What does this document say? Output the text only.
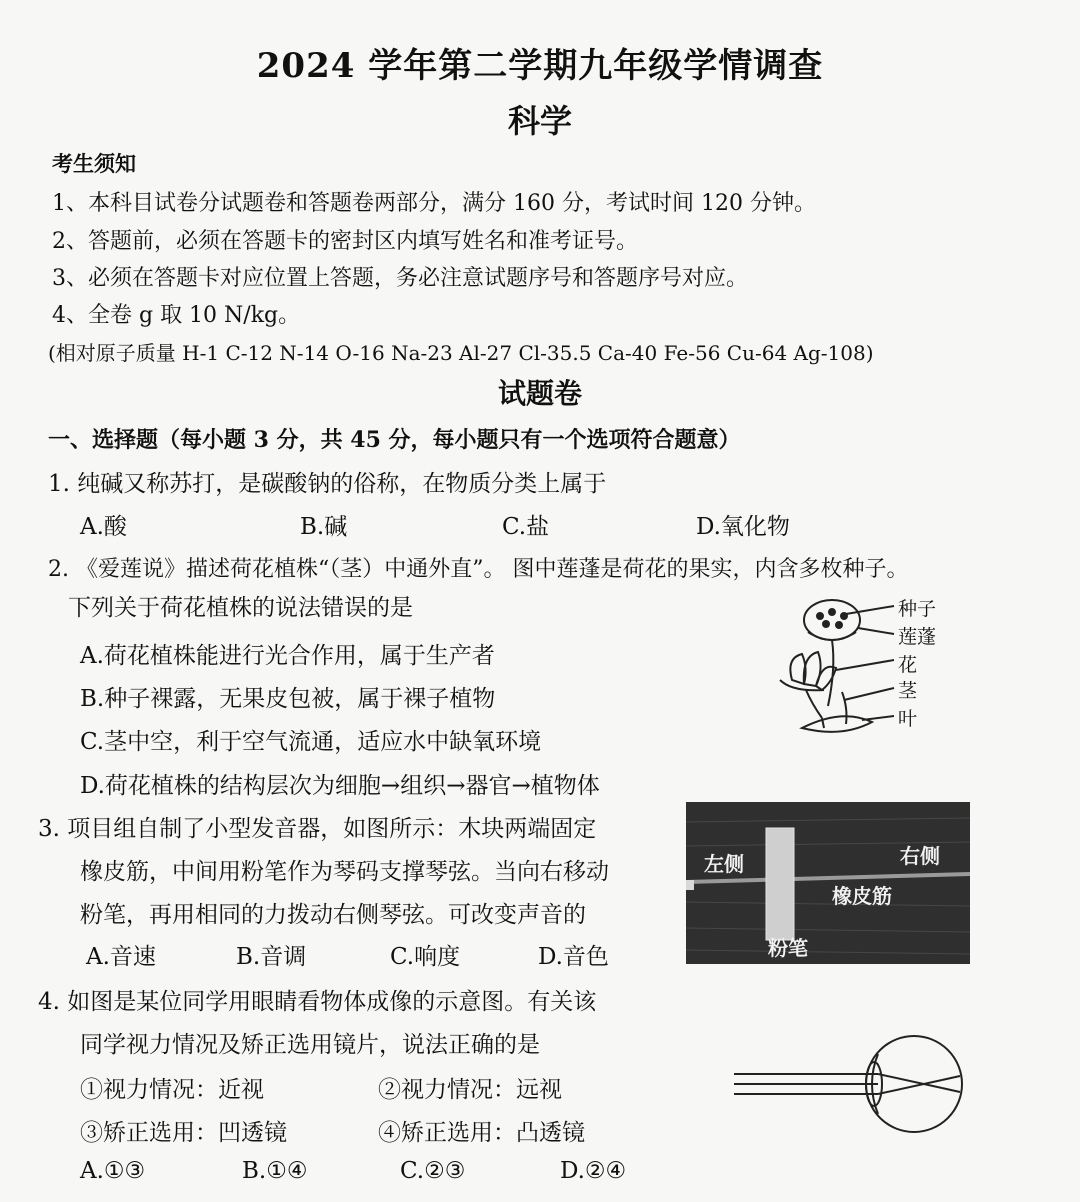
2024 学年第二学期九年级学情调查
科学
考生须知
1、本科目试卷分试题卷和答题卷两部分，满分 160 分，考试时间 120 分钟。
2、答题前，必须在答题卡的密封区内填写姓名和准考证号。
3、必须在答题卡对应位置上答题，务必注意试题序号和答题序号对应。
4、全卷 g 取 10 N/kg。
(相对原子质量 H-1 C-12 N-14 O-16 Na-23 Al-27 Cl-35.5 Ca-40 Fe-56 Cu-64 Ag-108)
试题卷
一、选择题（每小题 3 分，共 45 分，每小题只有一个选项符合题意）
1. 纯碱又称苏打，是碳酸钠的俗称，在物质分类上属于
A.酸	B.碱	C.盐	D.氧化物
2. 《爱莲说》描述荷花植株“（茎）中通外直”。 图中莲蓬是荷花的果实，内含多枚种子。
下列关于荷花植株的说法错误的是
A.荷花植株能进行光合作用，属于生产者
B.种子裸露，无果皮包被，属于裸子植物
C.茎中空，利于空气流通，适应水中缺氧环境
D.荷花植株的结构层次为细胞→组织→器官→植物体
种子
莲蓬
花
茎
叶
3. 项目组自制了小型发音器，如图所示：木块两端固定
橡皮筋，中间用粉笔作为琴码支撑琴弦。当向右移动
粉笔，再用相同的力拨动右侧琴弦。可改变声音的
A.音速	B.音调	C.响度	D.音色
左侧	右侧
橡皮筋
粉笔
4. 如图是某位同学用眼睛看物体成像的示意图。有关该
同学视力情况及矫正选用镜片，说法正确的是
①视力情况：近视	②视力情况：远视
③矫正选用：凹透镜	④矫正选用：凸透镜
A.①③	B.①④	C.②③	D.②④
